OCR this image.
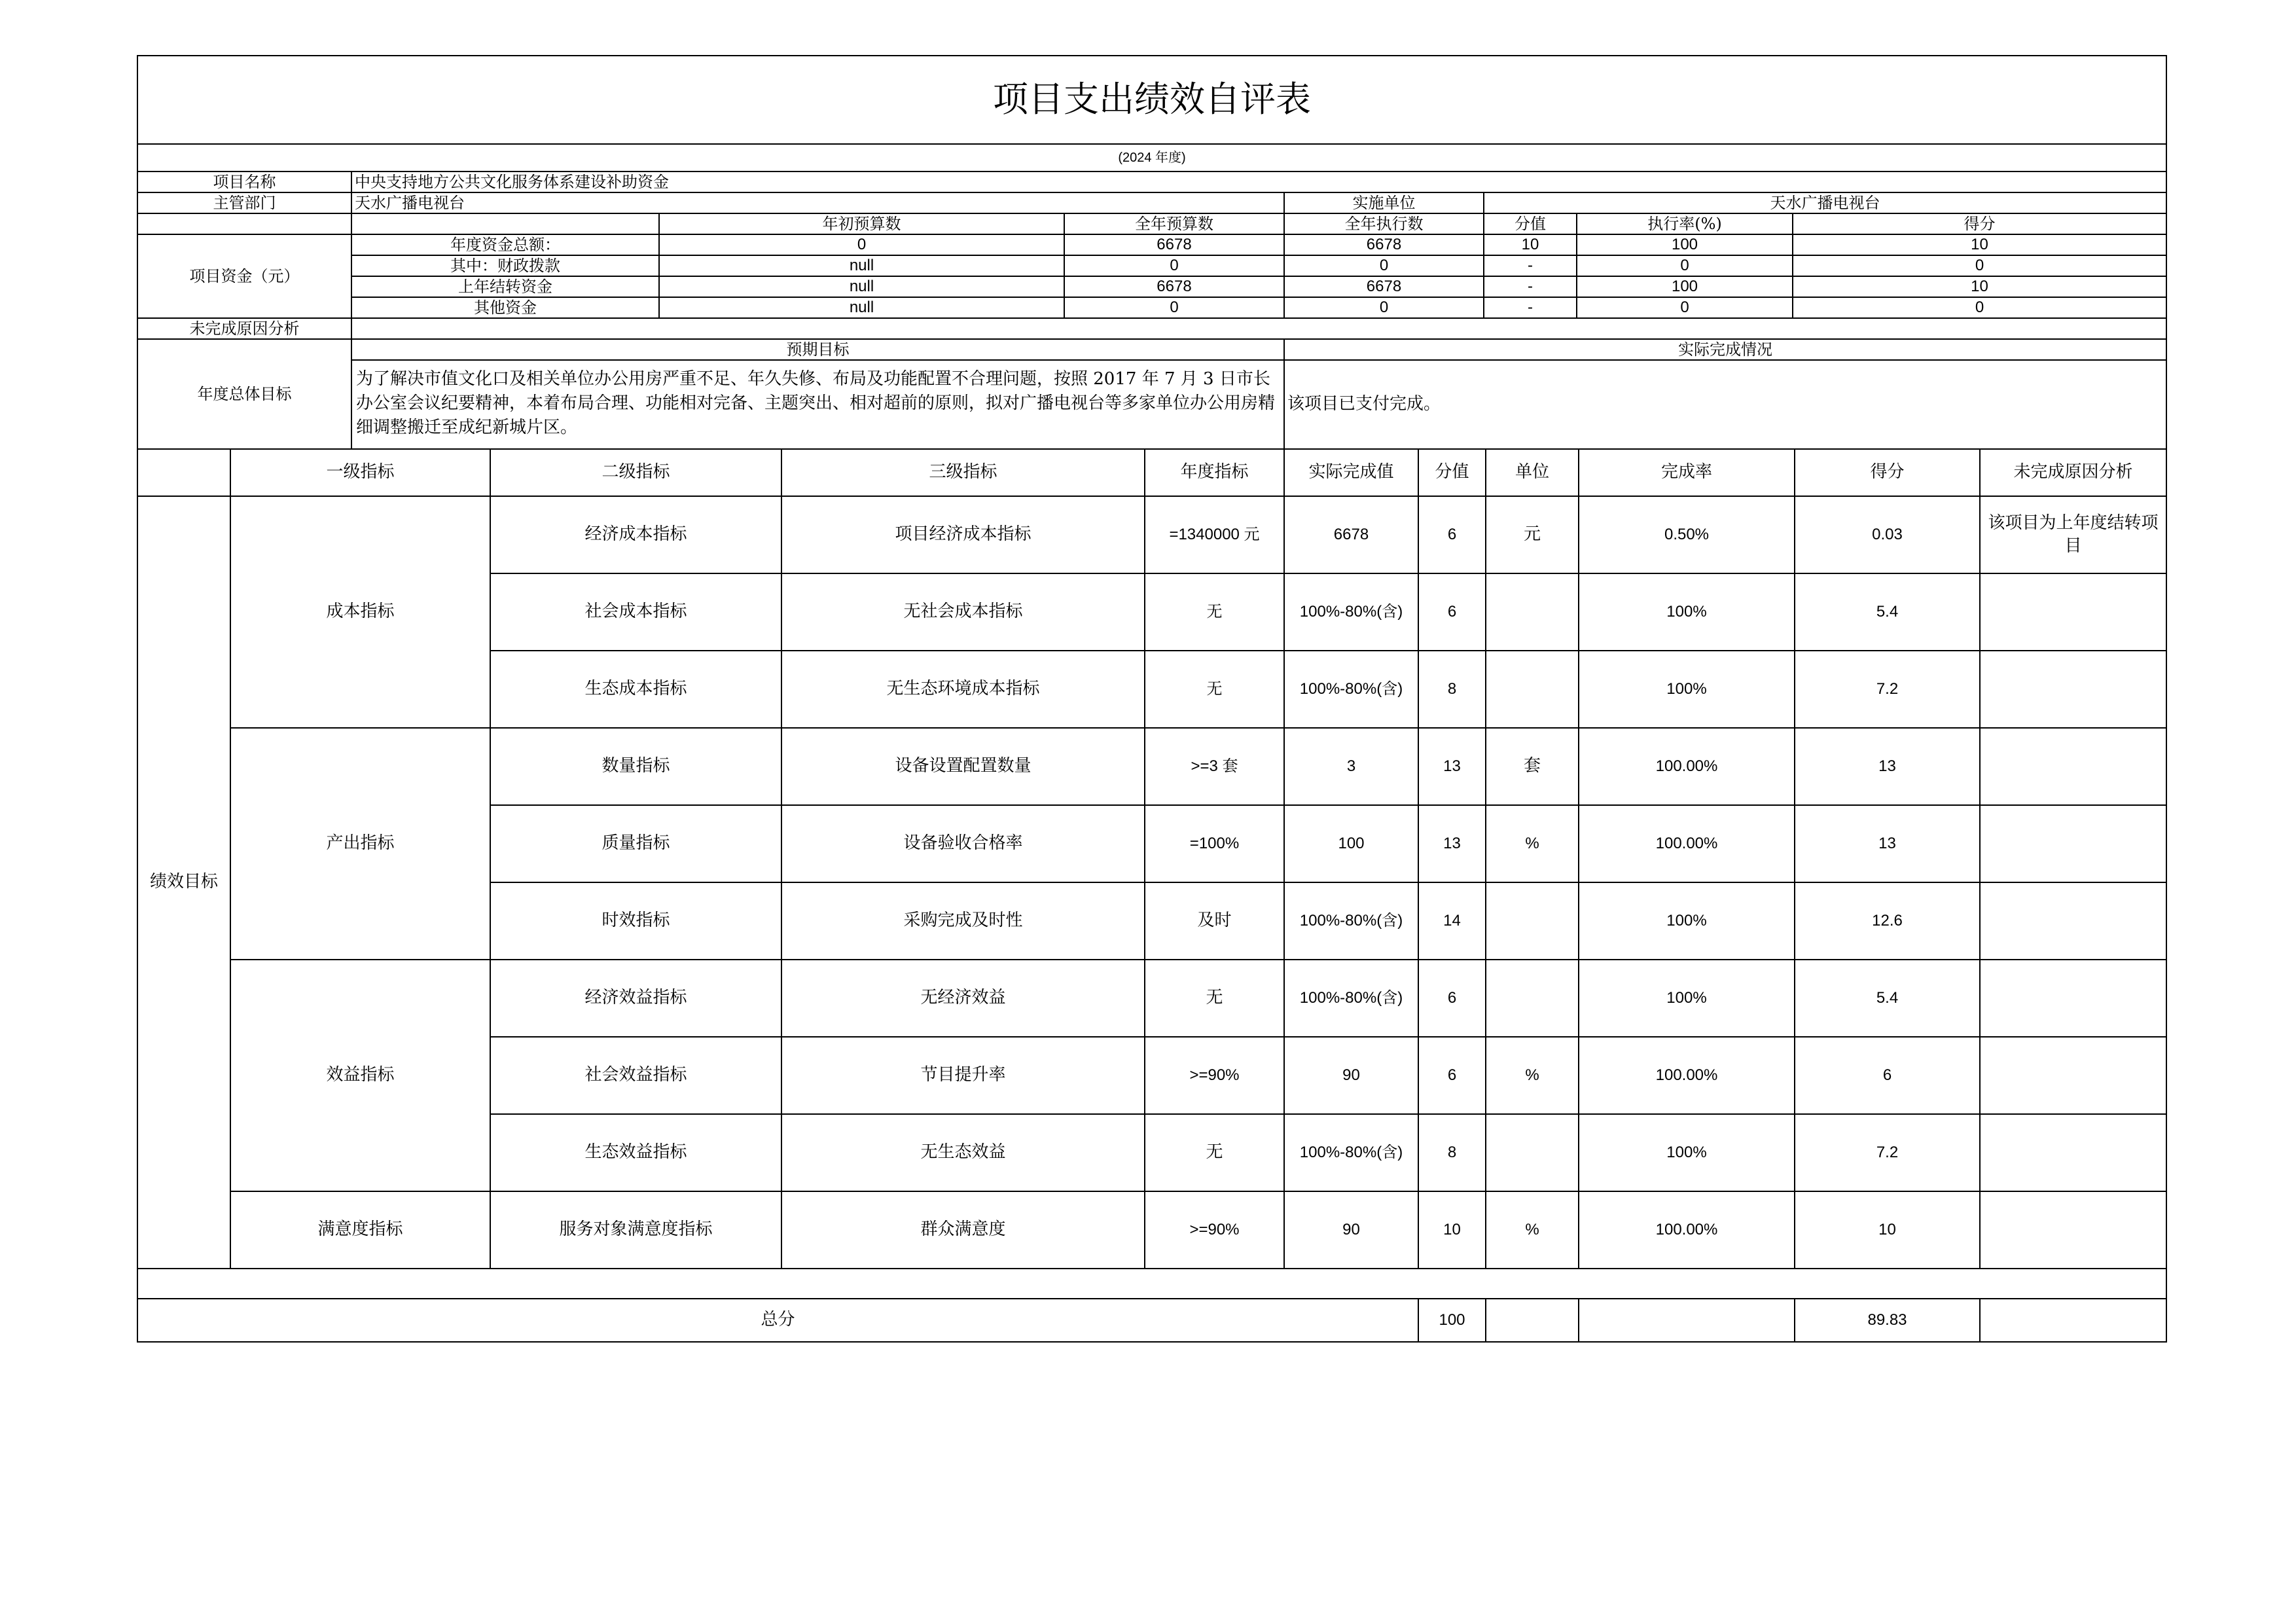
项目支出绩效自评表							
(2024 年度)							
项目名称	中央支持地方公共文化服务体系建设补助资金						
主管部门	天水广播电视台			实施单位	天水广播电视台		
		年初预算数	全年预算数	全年执行数	分值	执行率(%)	得分
项目资金（元）	年度资金总额：	0	6678	6678	10	100	10
	其中：财政拨款	null	0	0	-	0	0
	上年结转资金	null	6678	6678	-	100	10
	其他资金	null	0	0	-	0	0
未完成原因分析							
年度总体目标	预期目标			实际完成情况			
	为了解决市值文化口及相关单位办公用房严重不足、年久失修、布局及功能配置不合理问题，按照 2017 年 7 月 3 日市长办公室会议纪要精神，本着布局合理、功能相对完备、主题突出、相对超前的原则，拟对广播电视台等多家单位办公用房精细调整搬迁至成纪新城片区。			该项目已支付完成。			
	一级指标	二级指标	三级指标	年度指标	实际完成值	分值	单位	完成率	得分	未完成原因分析
绩效目标	成本指标	经济成本指标	项目经济成本指标	=1340000 元	6678	6	元	0.50%	0.03	该项目为上年度结转项目
		社会成本指标	无社会成本指标	无	100%-80%(含)	6		100%	5.4	
		生态成本指标	无生态环境成本指标	无	100%-80%(含)	8		100%	7.2	
	产出指标	数量指标	设备设置配置数量	>=3 套	3	13	套	100.00%	13	
		质量指标	设备验收合格率	=100%	100	13	%	100.00%	13	
		时效指标	采购完成及时性	及时	100%-80%(含)	14		100%	12.6	
	效益指标	经济效益指标	无经济效益	无	100%-80%(含)	6		100%	5.4	
		社会效益指标	节目提升率	>=90%	90	6	%	100.00%	6	
		生态效益指标	无生态效益	无	100%-80%(含)	8		100%	7.2	
	满意度指标	服务对象满意度指标	群众满意度	>=90%	90	10	%	100.00%	10	

总分						100			89.83	
